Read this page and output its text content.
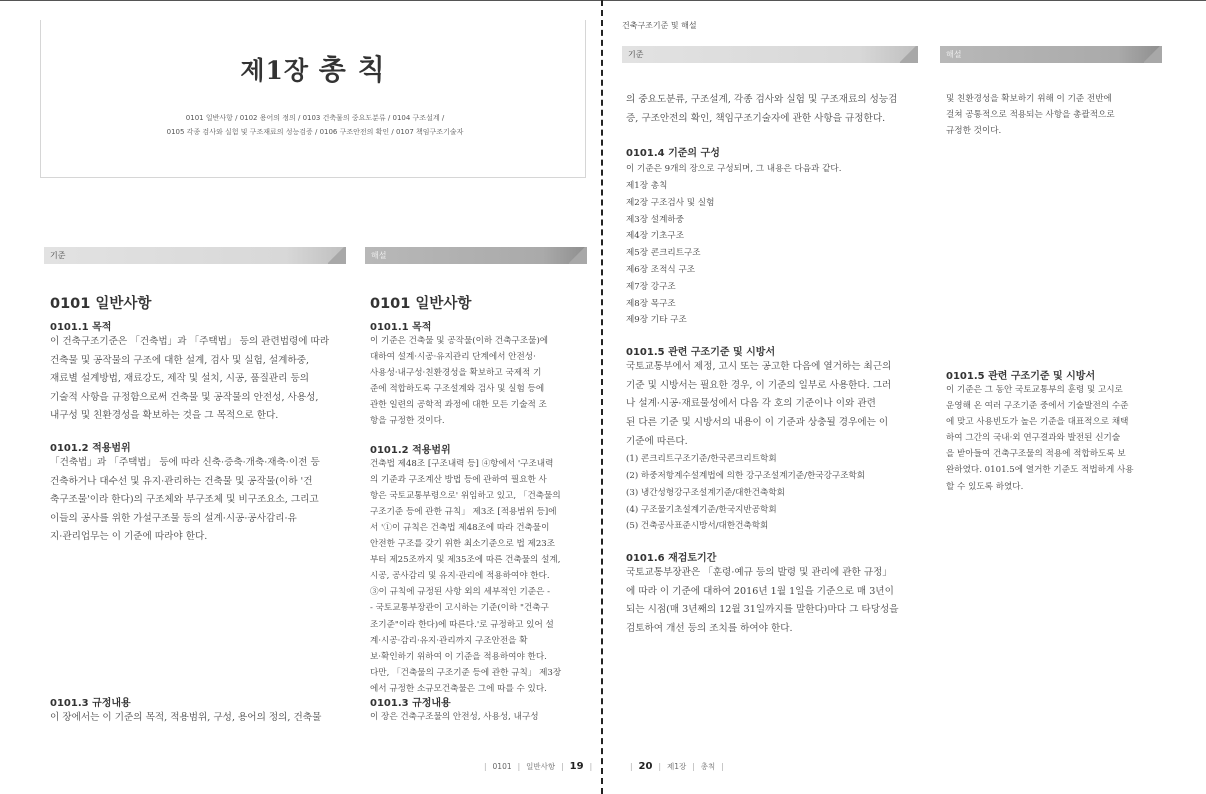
제1장 총 칙
0101 일반사항 / 0102 용어의 정의 / 0103 건축물의 중요도분류 / 0104 구조설계 /
0105 각종 검사와 실험 및 구조재료의 성능검증 / 0106 구조안전의 확인 / 0107 책임구조기술자
기준	해설
0101 일반사항
0101.1 목적
이 건축구조기준은 「건축법」과 「주택법」 등의 관련법령에 따라
건축물 및 공작물의 구조에 대한 설계, 검사 및 실험, 설계하중,
재료별 설계방법, 재료강도, 제작 및 설치, 시공, 품질관리 등의
기술적 사항을 규정함으로써 건축물 및 공작물의 안전성, 사용성,
내구성 및 친환경성을 확보하는 것을 그 목적으로 한다.
0101.2 적용범위
「건축법」과 「주택법」 등에 따라 신축·증축·개축·재축·이전 등
건축하거나 대수선 및 유지·관리하는 건축물 및 공작물(이하 '건
축구조물'이라 한다)의 구조체와 부구조체 및 비구조요소, 그리고
이들의 공사를 위한 가설구조물 등의 설계·시공·공사감리·유
지·관리업무는 이 기준에 따라야 한다.
0101.3 규정내용
이 장에서는 이 기준의 목적, 적용범위, 구성, 용어의 정의, 건축물
0101 일반사항
0101.1 목적
이 기준은 건축물 및 공작물(이하 건축구조물)에
대하여 설계·시공·유지관리 단계에서 안전성·
사용성·내구성·친환경성을 확보하고 국제적 기
준에 적합하도록 구조설계와 검사 및 실험 등에
관한 일련의 공학적 과정에 대한 모든 기술적 조
항을 규정한 것이다.
0101.2 적용범위
건축법 제48조 [구조내력 등] ④항에서 '구조내력
의 기준과 구조계산 방법 등에 관하여 필요한 사
항은 국토교통부령으로' 위임하고 있고, 「건축물의
구조기준 등에 관한 규칙」 제3조 [적용범위 등]에
서 '①이 규칙은 건축법 제48조에 따라 건축물이
안전한 구조를 갖기 위한 최소기준으로 법 제23조
부터 제25조까지 및 제35조에 따른 건축물의 설계,
시공, 공사감리 및 유지·관리에 적용하여야 한다.
③이 규칙에 규정된 사항 외의 세부적인 기준은 -
- 국토교통부장관이 고시하는 기준(이하 "건축구
조기준"이라 한다)에 따른다.'로 규정하고 있어 설
계·시공·감리·유지·관리까지 구조안전을 확
보·확인하기 위하여 이 기준을 적용하여야 한다.
다만, 「건축물의 구조기준 등에 관한 규칙」 제3장
에서 규정한 소규모건축물은 그에 따를 수 있다.
0101.3 규정내용
이 장은 건축구조물의 안전성, 사용성, 내구성
| 0101 | 일반사항 | 19 |
건축구조기준 및 해설
기준	해설
의 중요도분류, 구조설계, 각종 검사와 실험 및 구조재료의 성능검
증, 구조안전의 확인, 책임구조기술자에 관한 사항을 규정한다.
0101.4 기준의 구성
이 기준은 9개의 장으로 구성되며, 그 내용은 다음과 같다.
제1장 총칙
제2장 구조검사 및 실험
제3장 설계하중
제4장 기초구조
제5장 콘크리트구조
제6장 조적식 구조
제7장 강구조
제8장 목구조
제9장 기타 구조
0101.5 관련 구조기준 및 시방서
국토교통부에서 제정, 고시 또는 공고한 다음에 열거하는 최근의
기준 및 시방서는 필요한 경우, 이 기준의 일부로 사용한다. 그러
나 설계·시공·재료물성에서 다음 각 호의 기준이나 이와 관련
된 다른 기준 및 시방서의 내용이 이 기준과 상충될 경우에는 이
기준에 따른다.
(1) 콘크리트구조기준/한국콘크리트학회
(2) 하중저항계수설계법에 의한 강구조설계기준/한국강구조학회
(3) 냉간성형강구조설계기준/대한건축학회
(4) 구조물기초설계기준/한국지반공학회
(5) 건축공사표준시방서/대한건축학회
0101.6 재검토기간
국토교통부장관은 「훈령·예규 등의 발령 및 관리에 관한 규정」
에 따라 이 기준에 대하여 2016년 1월 1일을 기준으로 매 3년이
되는 시점(매 3년째의 12월 31일까지를 말한다)마다 그 타당성을
검토하여 개선 등의 조치를 하여야 한다.
및 친환경성을 확보하기 위해 이 기준 전반에
걸쳐 공통적으로 적용되는 사항을 총괄적으로
규정한 것이다.
0101.5 관련 구조기준 및 시방서
이 기준은 그 동안 국토교통부의 훈령 및 고시로
운영해 온 여러 구조기준 중에서 기술발전의 수준
에 맞고 사용빈도가 높은 기준을 대표적으로 채택
하여 그간의 국내·외 연구결과와 발전된 신기술
을 받아들여 건축구조물의 적용에 적합하도록 보
완하였다. 0101.5에 열거한 기준도 적법하게 사용
할 수 있도록 하였다.
| 20 | 제1장 | 총칙 |
